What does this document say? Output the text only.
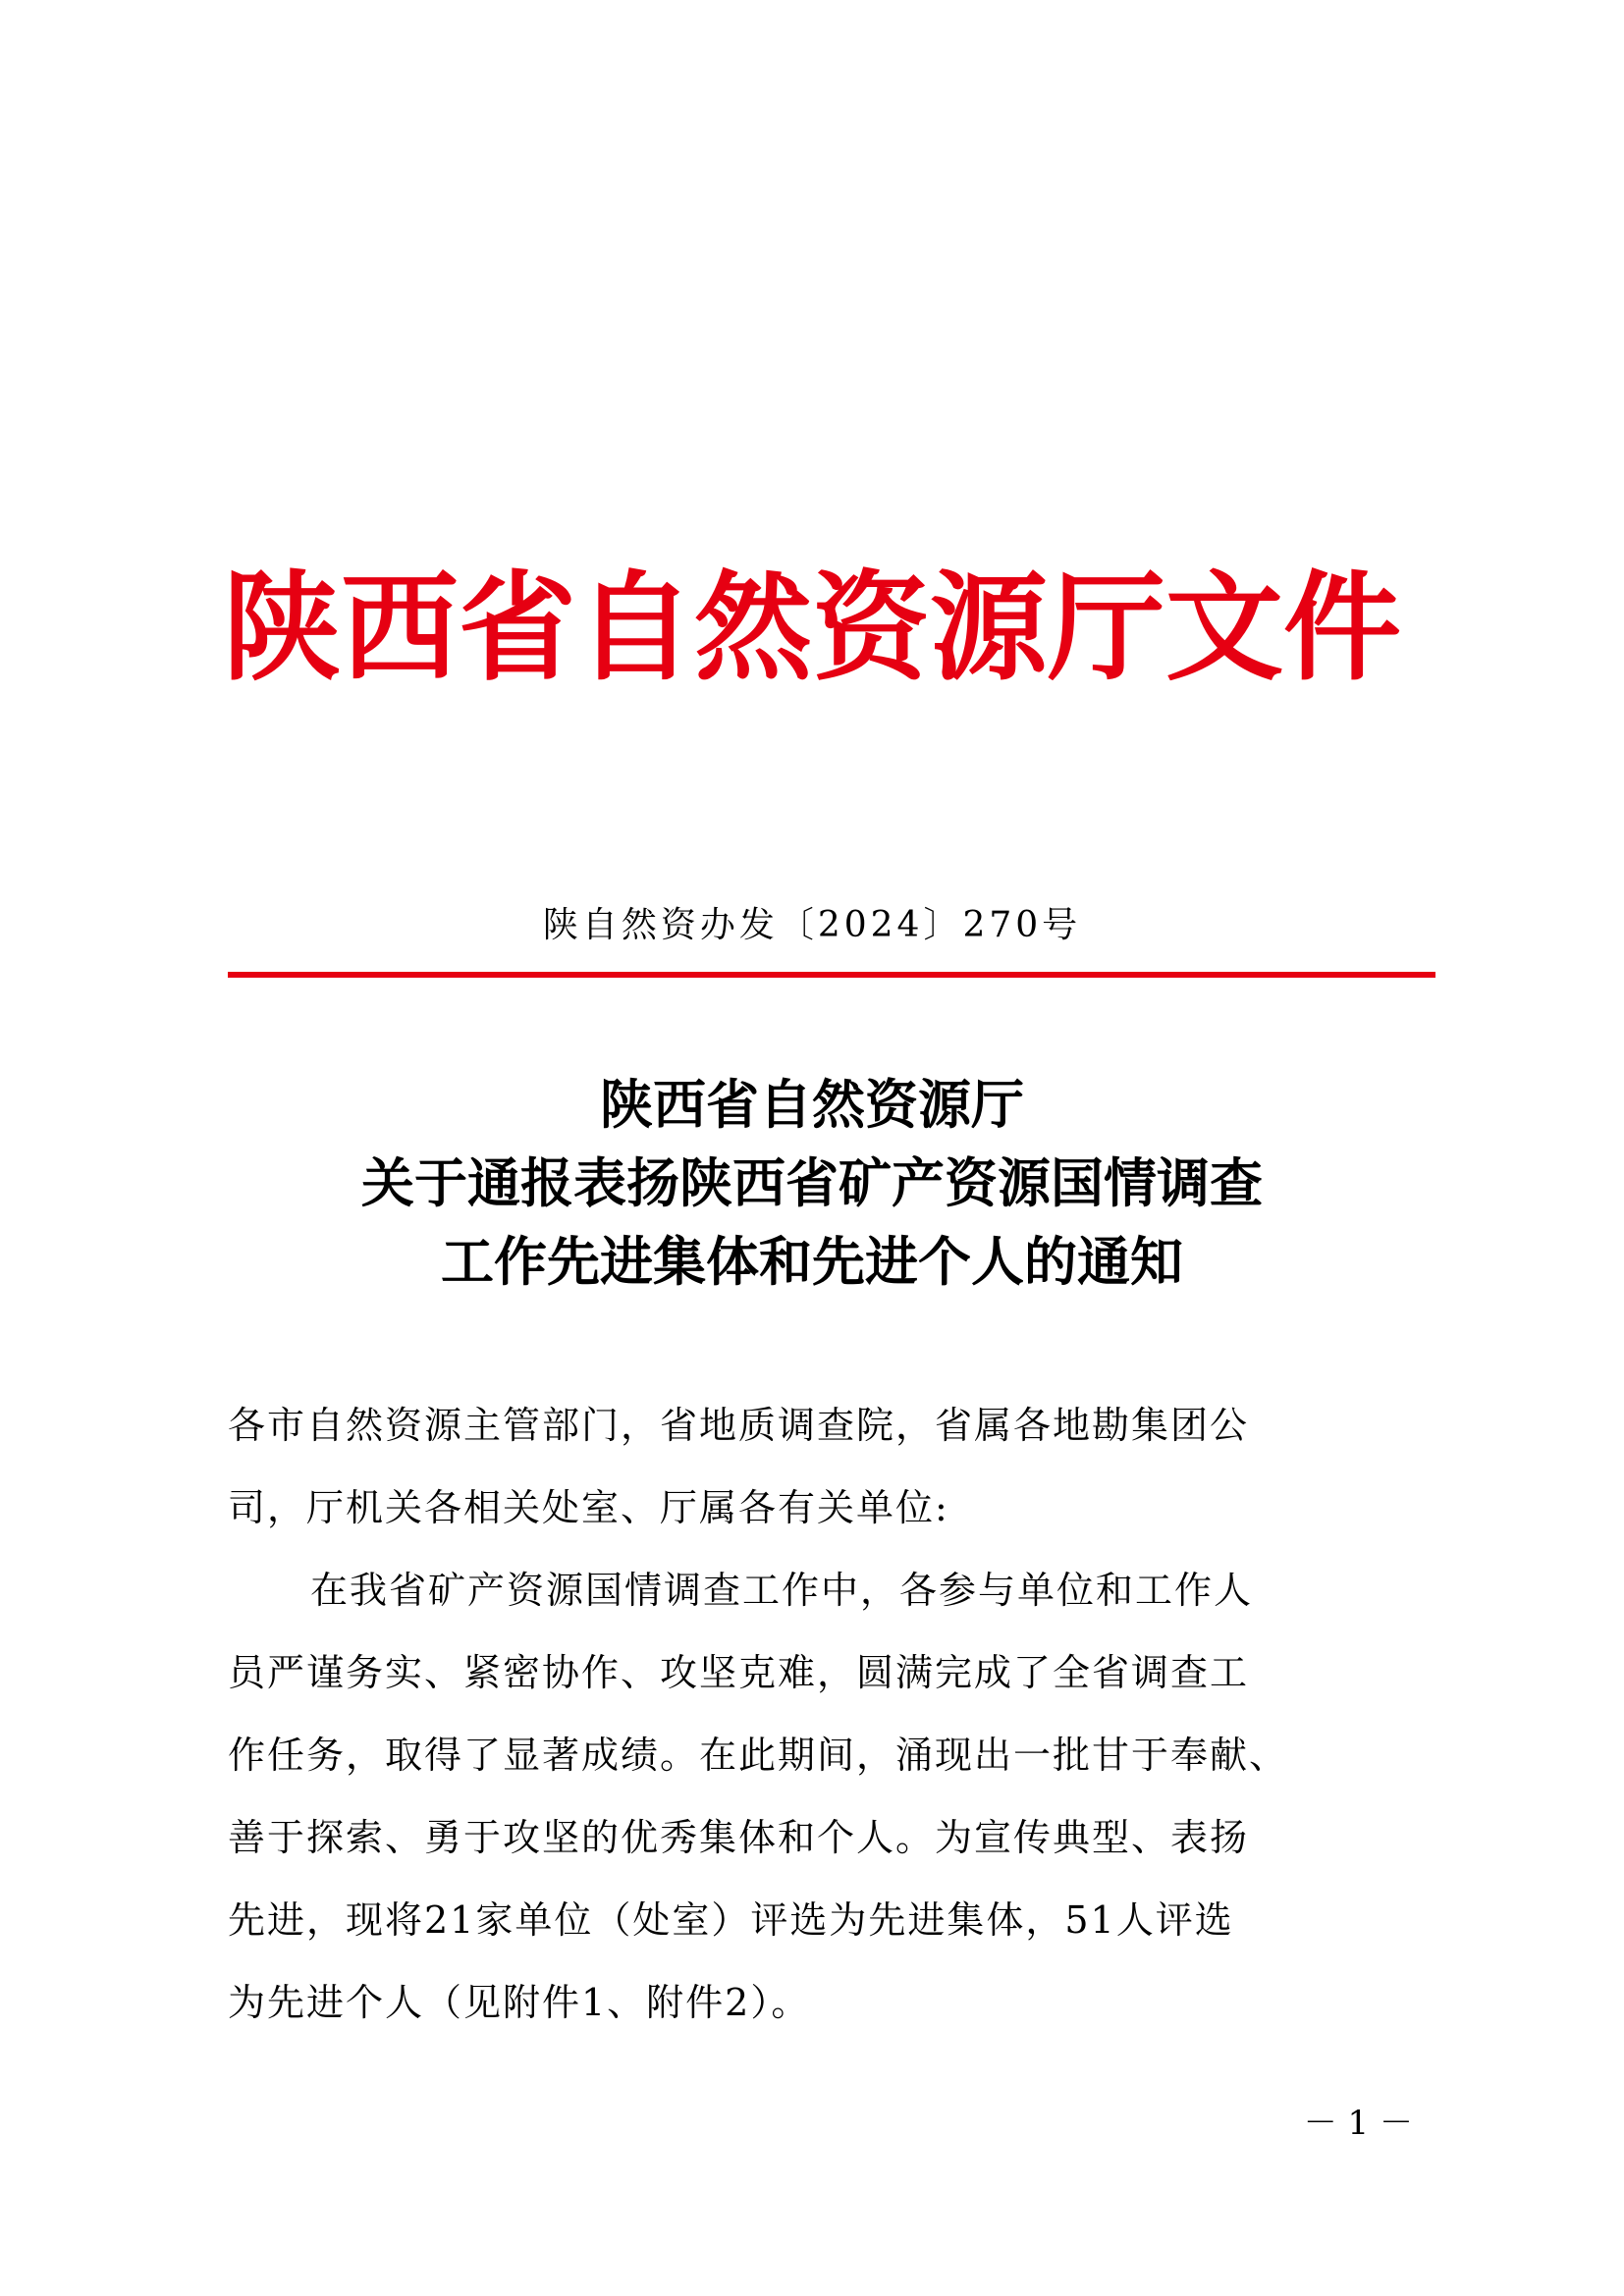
陕西省自然资源厅文件
陕自然资办发〔2024〕270号
陕西省自然资源厅
关于通报表扬陕西省矿产资源国情调查
工作先进集体和先进个人的通知
各市自然资源主管部门，省地质调查院，省属各地勘集团公
司，厅机关各相关处室、厅属各有关单位:
在我省矿产资源国情调查工作中，各参与单位和工作人
员严谨务实、紧密协作、攻坚克难，圆满完成了全省调查工
作任务，取得了显著成绩。在此期间，涌现出一批甘于奉献、
善于探索、勇于攻坚的优秀集体和个人。为宣传典型、表扬
先进，现将21家单位（处室）评选为先进集体，51人评选
为先进个人（见附件1、附件2）。
－ 1 －
